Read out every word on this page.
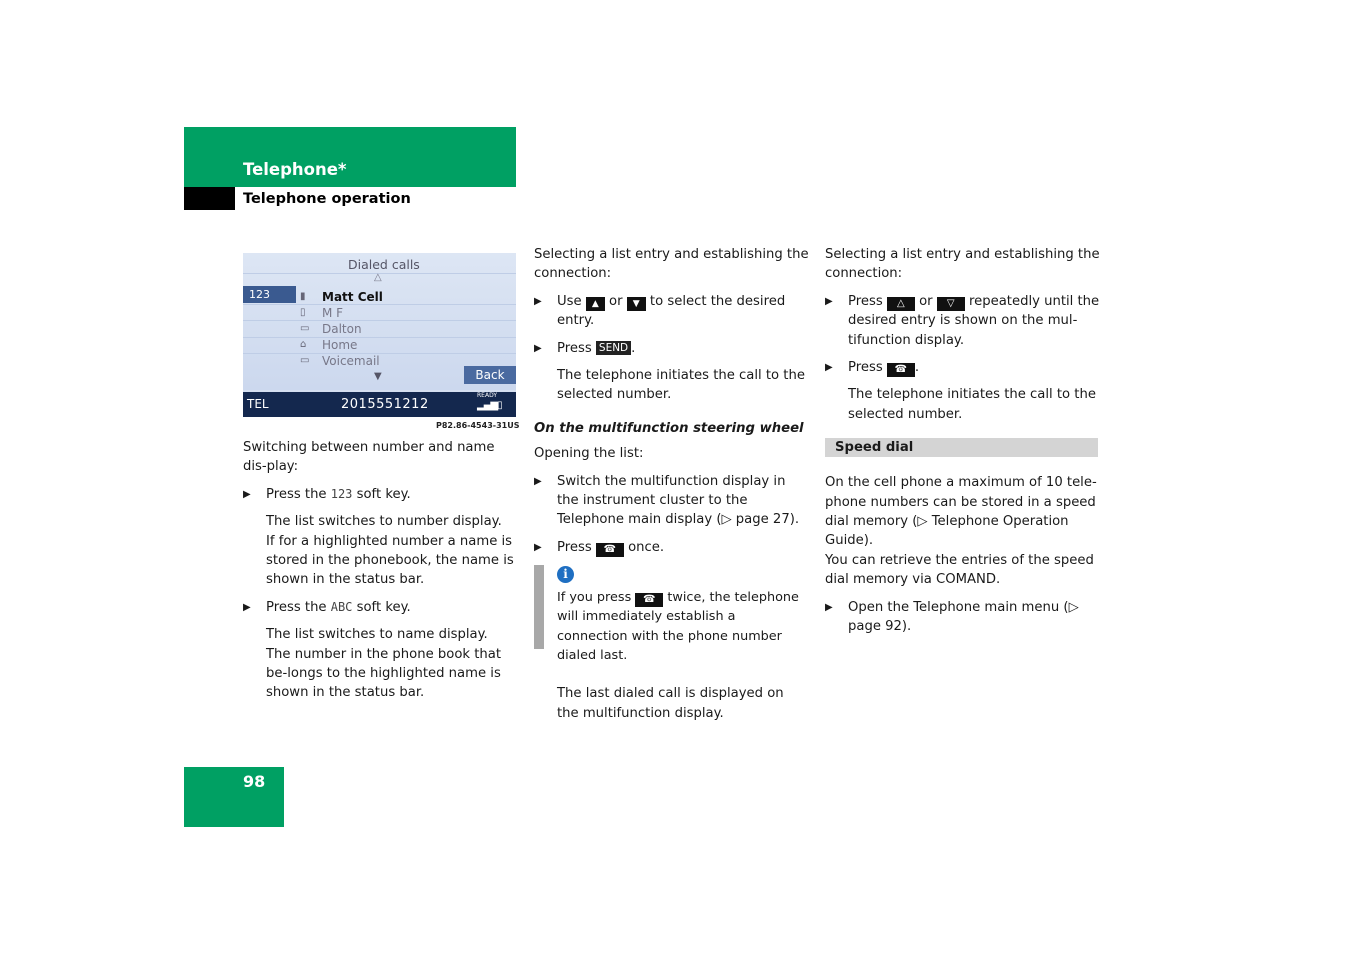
Telephone*
Telephone operation
Dialed calls
△
123	▮ Matt Cell
▯ M F
▭ Dalton
⌂ Home
▭ Voicemail
▼	Back
TEL	2015551212
READY
▂▄▆▯
P82.86-4543-31US

Switching between number and name dis-play:

▶ Press the 123 soft key.
The list switches to number display.
If for a highlighted number a name is stored in the phonebook, the name is shown in the status bar.
▶ Press the ABC soft key.
The list switches to name display.
The number in the phone book that be-longs to the highlighted name is shown in the status bar.

Selecting a list entry and establishing the connection:

▶ Use ▲ or ▼ to select the desired entry.
▶ Press SEND .

The telephone initiates the call to the selected number.

On the multifunction steering wheel

Opening the list:

▶ Switch the multifunction display in the instrument cluster to the Telephone main display (▷ page 27).
▶ Press ☎ once.
i
If you press ☎ twice, the telephone will immediately establish a connection with the phone number dialed last.
The last dialed call is displayed on the multifunction display.

Selecting a list entry and establishing the connection:

▶ Press △ or ▽ repeatedly until the desired entry is shown on the mul-tifunction display.
▶ Press ☎ .

The telephone initiates the call to the selected number.

Speed dial

On the cell phone a maximum of 10 tele-phone numbers can be stored in a speed dial memory (▷ Telephone Operation Guide).

You can retrieve the entries of the speed dial memory via COMAND.

▶ Open the Telephone main menu (▷ page 92).
98
